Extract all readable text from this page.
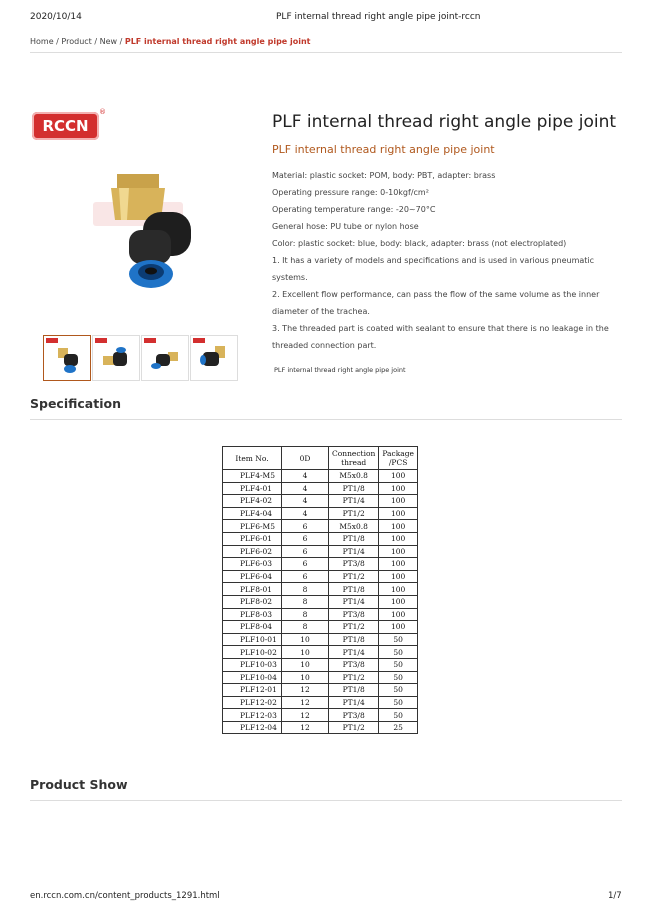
2020/10/14	PLF internal thread right angle pipe joint-rccn
Home / Product / New / PLF internal thread right angle pipe joint
RCCN
®	PLF internal thread right angle pipe joint
PLF internal thread right angle pipe joint
Material: plastic socket: POM, body: PBT, adapter: brass
Operating pressure range: 0-10kgf/cm²
Operating temperature range: -20~70°C
General hose: PU tube or nylon hose
Color: plastic socket: blue, body: black, adapter: brass (not electroplated)
1. It has a variety of models and specifications and is used in various pneumatic systems.
2. Excellent flow performance, can pass the flow of the same volume as the inner diameter of the trachea.
3. The threaded part is coated with sealant to ensure that there is no leakage in the threaded connection part.
PLF internal thread right angle pipe joint
Specification
Item No.	0D	Connection thread	Package /PCS
PLF4-M5	4	M5x0.8	100
PLF4-01	4	PT1/8	100
PLF4-02	4	PT1/4	100
PLF4-04	4	PT1/2	100
PLF6-M5	6	M5x0.8	100
PLF6-01	6	PT1/8	100
PLF6-02	6	PT1/4	100
PLF6-03	6	PT3/8	100
PLF6-04	6	PT1/2	100
PLF8-01	8	PT1/8	100
PLF8-02	8	PT1/4	100
PLF8-03	8	PT3/8	100
PLF8-04	8	PT1/2	100
PLF10-01	10	PT1/8	50
PLF10-02	10	PT1/4	50
PLF10-03	10	PT3/8	50
PLF10-04	10	PT1/2	50
PLF12-01	12	PT1/8	50
PLF12-02	12	PT1/4	50
PLF12-03	12	PT3/8	50
PLF12-04	12	PT1/2	25
Product Show
en.rccn.com.cn/content_products_1291.html	1/7
